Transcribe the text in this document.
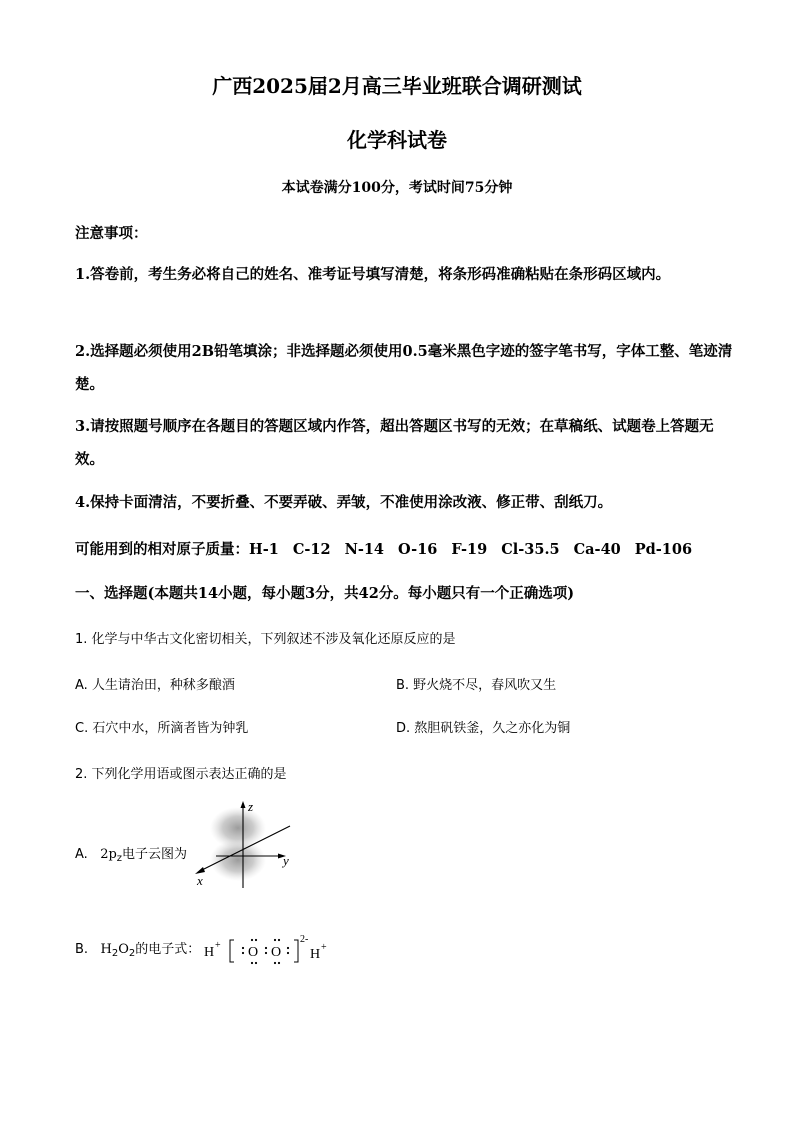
广西2025届2月高三毕业班联合调研测试
化学科试卷
本试卷满分100分，考试时间75分钟
注意事项：
1.答卷前，考生务必将自己的姓名、准考证号填写清楚，将条形码准确粘贴在条形码区域内。
2.选择题必须使用2B铅笔填涂；非选择题必须使用0.5毫米黑色字迹的签字笔书写，字体工整、笔迹清楚。
3.请按照题号顺序在各题目的答题区域内作答，超出答题区书写的无效；在草稿纸、试题卷上答题无效。
4.保持卡面清洁，不要折叠、不要弄破、弄皱，不准使用涂改液、修正带、刮纸刀。
可能用到的相对原子质量：H-1 C-12 N-14 O-16 F-19 Cl-35.5 Ca-40 Pd-106
一、选择题(本题共14小题，每小题3分，共42分。每小题只有一个正确选项)
1. 化学与中华古文化密切相关，下列叙述不涉及氧化还原反应的是
A. 人生请治田，种秫多酿酒	B. 野火烧不尽，春风吹又生
C. 石穴中水，所滴者皆为钟乳	D. 熬胆矾铁釜，久之亦化为铜
2. 下列化学用语或图示表达正确的是
A. $2p_z$电子云图为
z
y
x
B. $H_2O_2$的电子式： H + O O
2-
H +
